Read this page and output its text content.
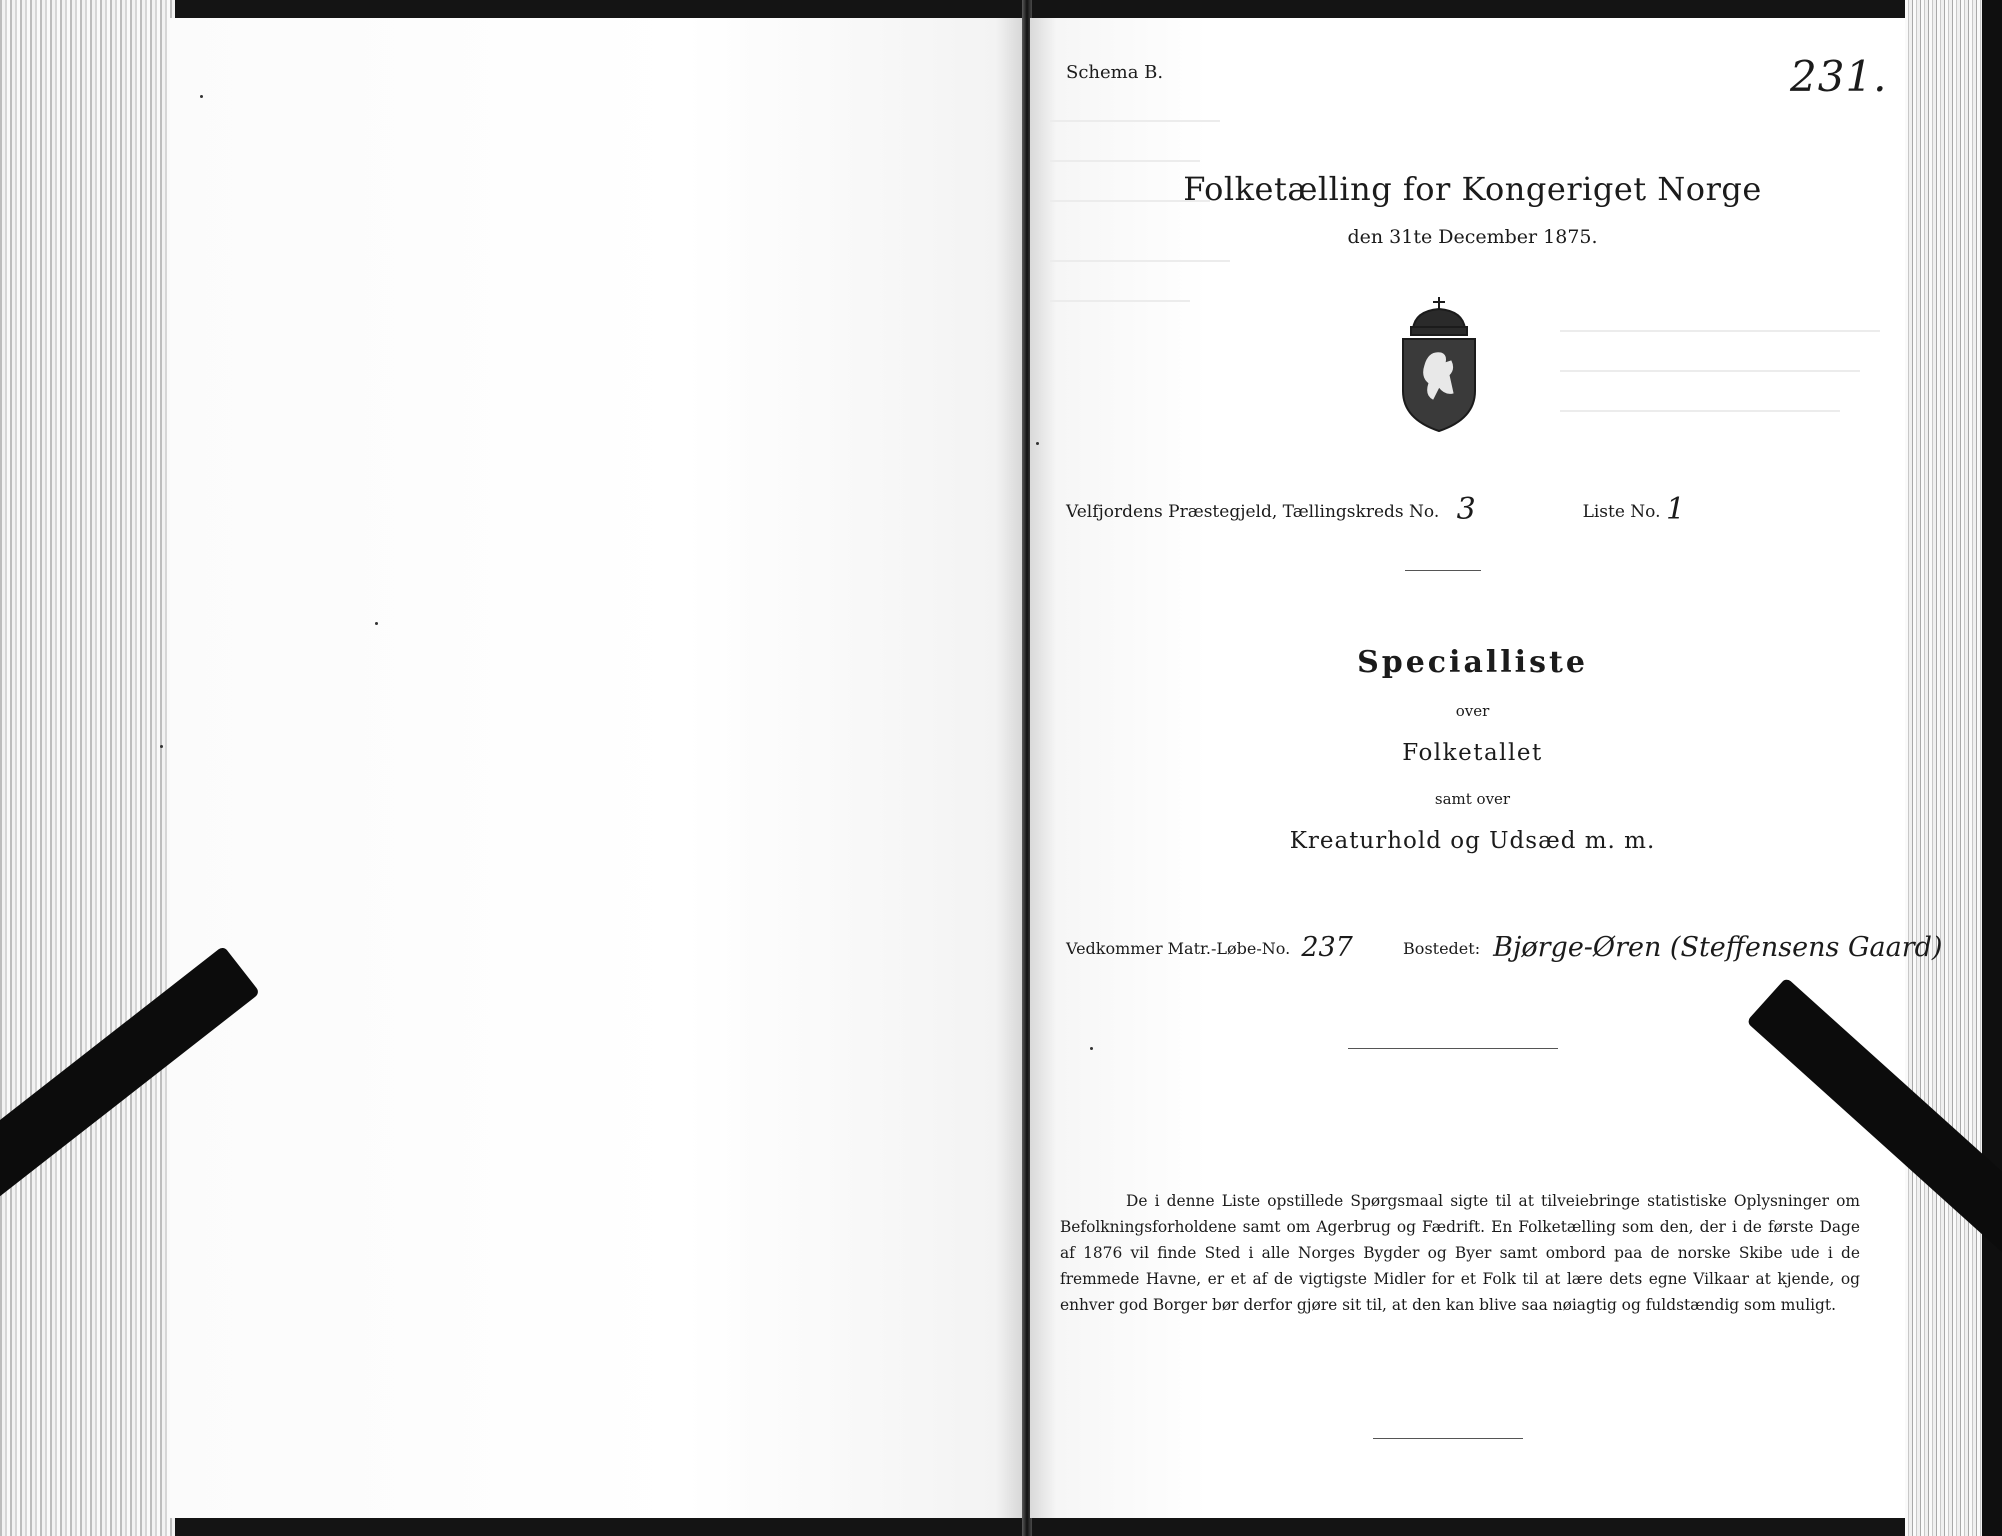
Schema B.	231.
Folketælling for Kongeriget Norge
den 31te December 1875.
Velfjordens Præstegjeld, Tællingskreds No. 3	Liste No. 1
Specialliste
over
Folketallet
samt over
Kreaturhold og Udsæd m. m.
Vedkommer Matr.-Løbe-No. 237	Bostedet: Bjørge-Øren (Steffensens Gaard)
De i denne Liste opstillede Spørgsmaal sigte til at tilveiebringe statistiske Oplysninger om Befolkningsforholdene samt om Agerbrug og Fædrift. En Folketælling som den, der i de første Dage af 1876 vil finde Sted i alle Norges Bygder og Byer samt ombord paa de norske Skibe ude i de fremmede Havne, er et af de vigtigste Midler for et Folk til at lære dets egne Vilkaar at kjende, og enhver god Borger bør derfor gjøre sit til, at den kan blive saa nøiagtig og fuldstændig som muligt.
